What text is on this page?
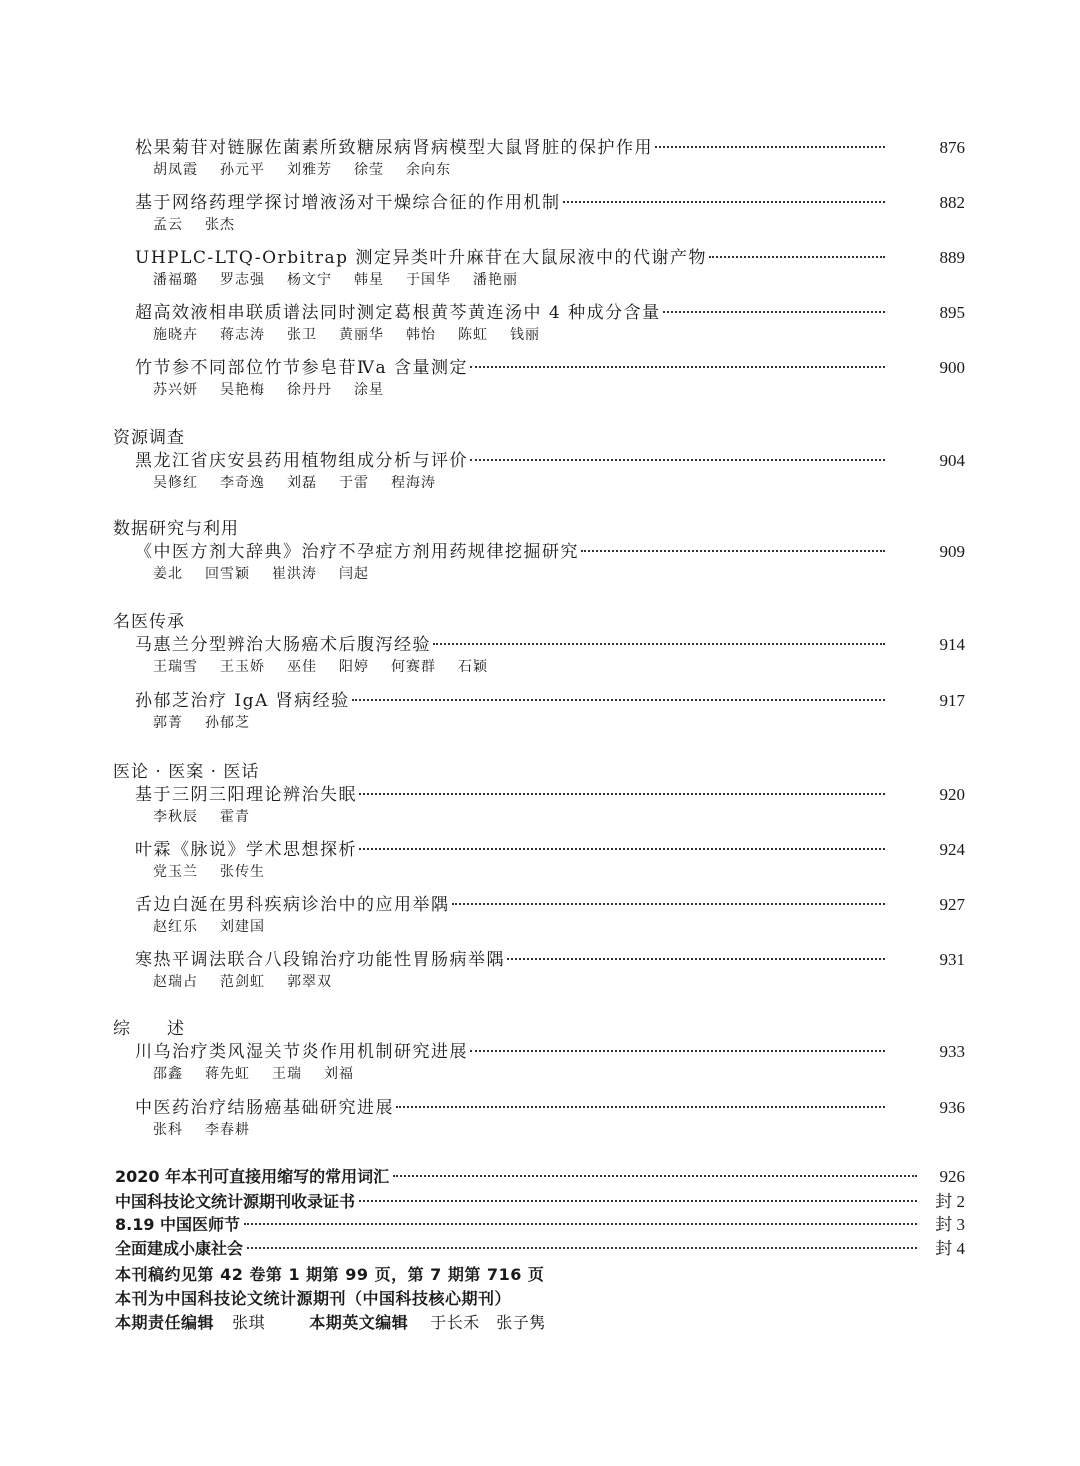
松果菊苷对链脲佐菌素所致糖尿病肾病模型大鼠肾脏的保护作用	876
胡凤霞 孙元平 刘雅芳 徐莹 余向东
基于网络药理学探讨增液汤对干燥综合征的作用机制	882
孟云 张杰
UHPLC-LTQ-Orbitrap 测定异类叶升麻苷在大鼠尿液中的代谢产物	889
潘福璐 罗志强 杨文宁 韩星 于国华 潘艳丽
超高效液相串联质谱法同时测定葛根黄芩黄连汤中 4 种成分含量	895
施晓卉 蒋志涛 张卫 黄丽华 韩怡 陈虹 钱丽
竹节参不同部位竹节参皂苷Ⅳa 含量测定	900
苏兴妍 吴艳梅 徐丹丹 涂星
资源调查
黑龙江省庆安县药用植物组成分析与评价	904
吴修红 李奇逸 刘磊 于雷 程海涛
数据研究与利用
《中医方剂大辞典》治疗不孕症方剂用药规律挖掘研究	909
姜北 回雪颖 崔洪涛 闫起
名医传承
马惠兰分型辨治大肠癌术后腹泻经验	914
王瑞雪 王玉娇 巫佳 阳婷 何赛群 石颖
孙郁芝治疗 IgA 肾病经验	917
郭菁 孙郁芝
医论 · 医案 · 医话
基于三阴三阳理论辨治失眠	920
李秋辰 霍青
叶霖《脉说》学术思想探析	924
党玉兰 张传生
舌边白涎在男科疾病诊治中的应用举隅	927
赵红乐 刘建国
寒热平调法联合八段锦治疗功能性胃肠病举隅	931
赵瑞占 范剑虹 郭翠双
综　　述
川乌治疗类风湿关节炎作用机制研究进展	933
邵鑫 蒋先虹 王瑞 刘福
中医药治疗结肠癌基础研究进展	936
张科 李春耕
2020 年本刊可直接用缩写的常用词汇	926
中国科技论文统计源期刊收录证书	封 2
8.19 中国医师节	封 3
全面建成小康社会	封 4
本刊稿约见第 42 卷第 1 期第 99 页，第 7 期第 716 页
本刊为中国科技论文统计源期刊（中国科技核心期刊）
本期责任编辑 张琪	本期英文编辑 于长禾　张子隽
